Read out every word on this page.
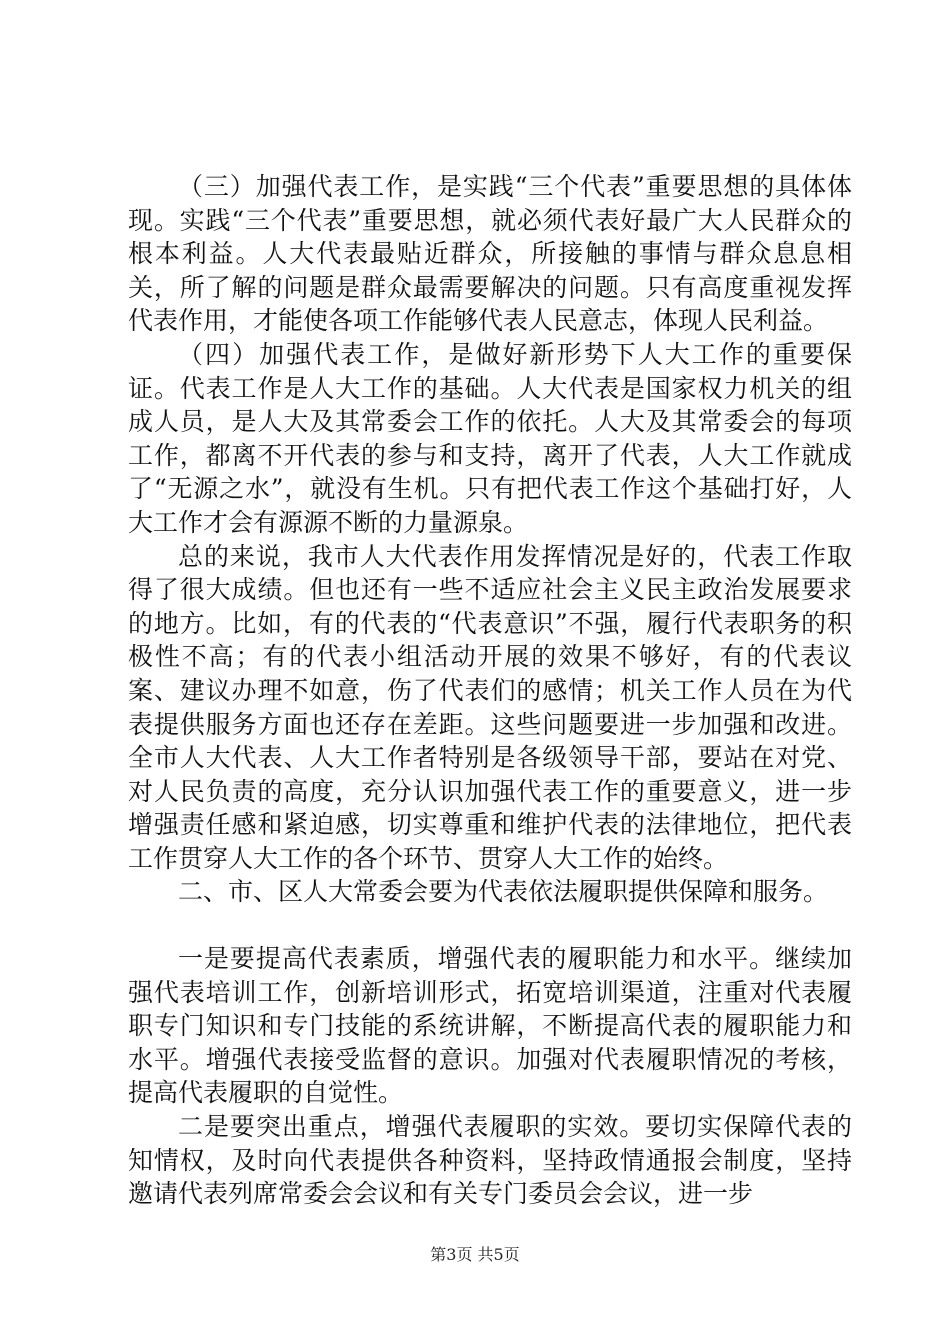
（三）加强代表工作，是实践“三个代表”重要思想的具体体现。实践“三个代表”重要思想，就必须代表好最广大人民群众的根本利益。人大代表最贴近群众，所接触的事情与群众息息相关，所了解的问题是群众最需要解决的问题。只有高度重视发挥代表作用，才能使各项工作能够代表人民意志，体现人民利益。

（四）加强代表工作，是做好新形势下人大工作的重要保证。代表工作是人大工作的基础。人大代表是国家权力机关的组成人员，是人大及其常委会工作的依托。人大及其常委会的每项工作，都离不开代表的参与和支持，离开了代表，人大工作就成了“无源之水”，就没有生机。只有把代表工作这个基础打好，人大工作才会有源源不断的力量源泉。

总的来说，我市人大代表作用发挥情况是好的，代表工作取得了很大成绩。但也还有一些不适应社会主义民主政治发展要求的地方。比如，有的代表的“代表意识”不强，履行代表职务的积极性不高；有的代表小组活动开展的效果不够好，有的代表议案、建议办理不如意，伤了代表们的感情；机关工作人员在为代表提供服务方面也还存在差距。这些问题要进一步加强和改进。全市人大代表、人大工作者特别是各级领导干部，要站在对党、对人民负责的高度，充分认识加强代表工作的重要意义，进一步增强责任感和紧迫感，切实尊重和维护代表的法律地位，把代表工作贯穿人大工作的各个环节、贯穿人大工作的始终。

二、市、区人大常委会要为代表依法履职提供保障和服务。

一是要提高代表素质，增强代表的履职能力和水平。继续加强代表培训工作，创新培训形式，拓宽培训渠道，注重对代表履职专门知识和专门技能的系统讲解，不断提高代表的履职能力和水平。增强代表接受监督的意识。加强对代表履职情况的考核，提高代表履职的自觉性。

二是要突出重点，增强代表履职的实效。要切实保障代表的知情权，及时向代表提供各种资料，坚持政情通报会制度，坚持邀请代表列席常委会会议和有关专门委员会会议，进一步

第3页 共5页
